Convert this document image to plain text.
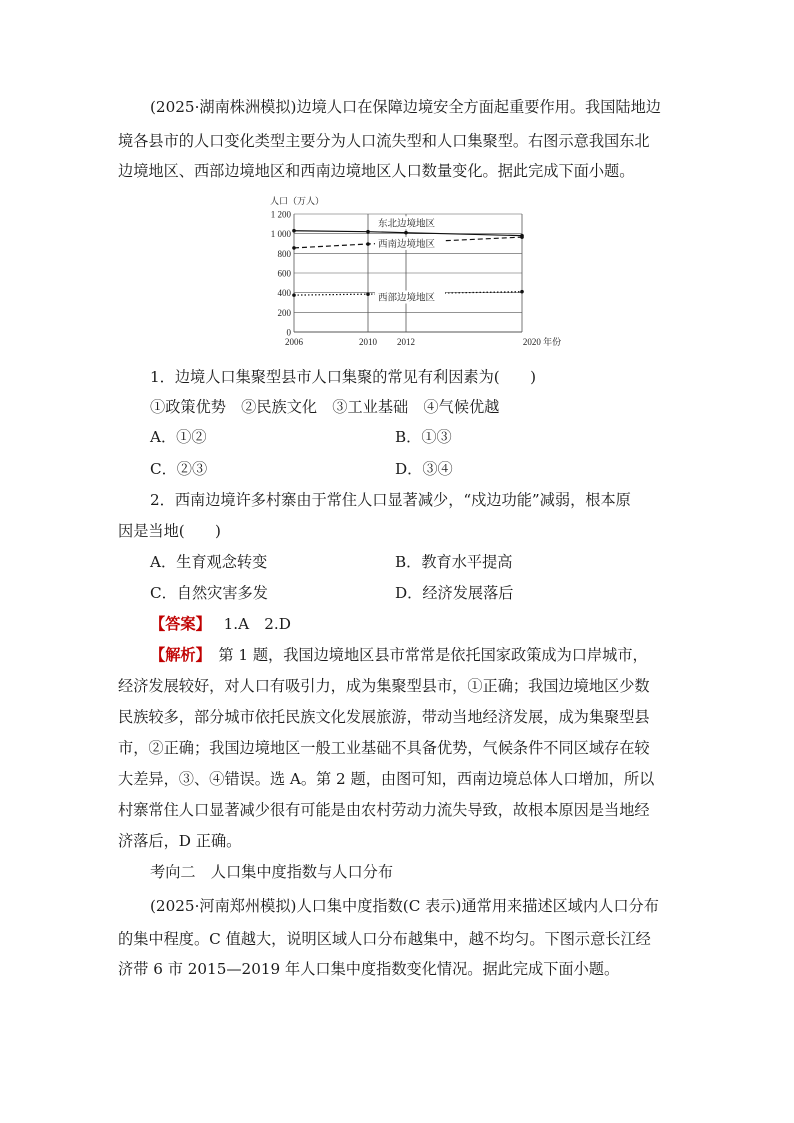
(2025·湖南株洲模拟)边境人口在保障边境安全方面起重要作用。我国陆地边
境各县市的人口变化类型主要分为人口流失型和人口集聚型。右图示意我国东北
边境地区、西部边境地区和西南边境地区人口数量变化。据此完成下面小题。
0
200
400
600
800
1 000
1 200
2006	2010 2012	2020 年份
人口（万人）
东北边境地区
西南边境地区
西部边境地区
1．边境人口集聚型县市人口集聚的常见有利因素为(　　)
①政策优势　②民族文化　③工业基础　④气候优越
A．①②	B．①③
C．②③	D．③④
2．西南边境许多村寨由于常住人口显著减少，“戍边功能”减弱，根本原
因是当地(　　)
A．生育观念转变	B．教育水平提高
C．自然灾害多发	D．经济发展落后
【答案】 1.A　2.D
【解析】　第 1 题，我国边境地区县市常常是依托国家政策成为口岸城市，
经济发展较好，对人口有吸引力，成为集聚型县市，①正确；我国边境地区少数
民族较多，部分城市依托民族文化发展旅游，带动当地经济发展，成为集聚型县
市，②正确；我国边境地区一般工业基础不具备优势，气候条件不同区域存在较
大差异，③、④错误。选 A。第 2 题，由图可知，西南边境总体人口增加，所以
村寨常住人口显著减少很有可能是由农村劳动力流失导致，故根本原因是当地经
济落后，D 正确。
考向二　人口集中度指数与人口分布
(2025·河南郑州模拟)人口集中度指数(C 表示)通常用来描述区域内人口分布
的集中程度。C 值越大，说明区域人口分布越集中，越不均匀。下图示意长江经
济带 6 市 2015—2019 年人口集中度指数变化情况。据此完成下面小题。
